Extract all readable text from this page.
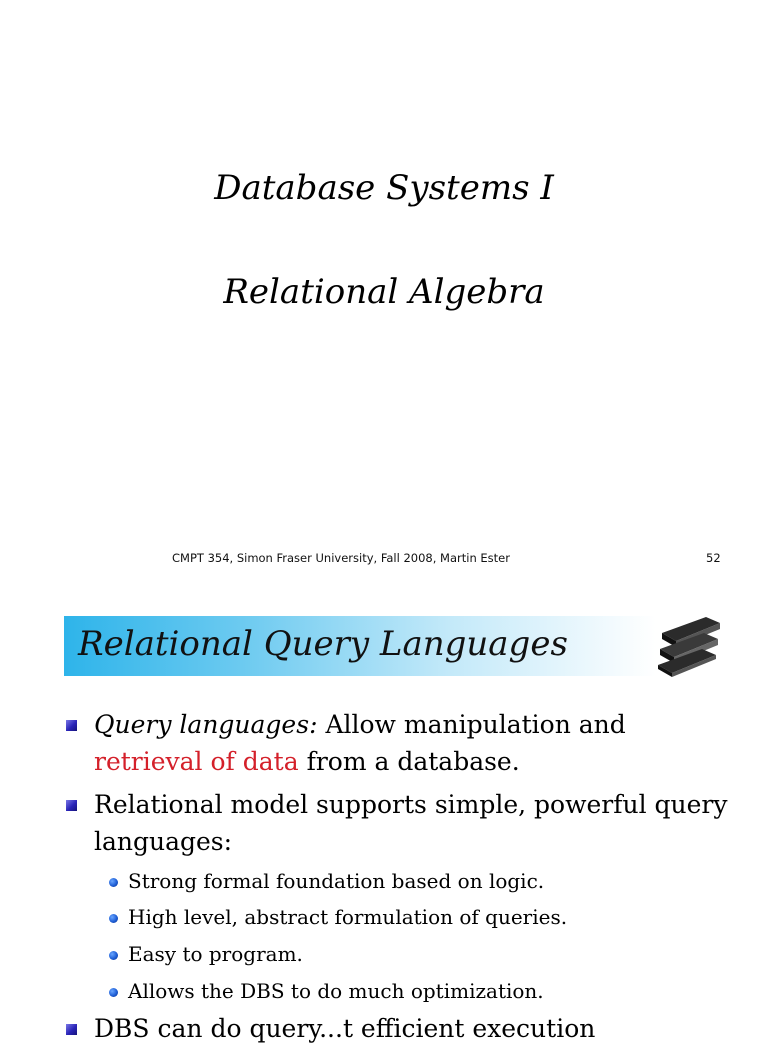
Database Systems I
Relational Algebra
CMPT 354, Simon Fraser University, Fall 2008, Martin Ester	52
Relational Query Languages
Query languages: Allow manipulation and retrieval of data from a database.
Relational model supports simple, powerful query languages:
Strong formal foundation based on logic.
High level, abstract formulation of queries.
Easy to program.
Allows the DBS to do much optimization.
DBS can do query...t efficient execution
